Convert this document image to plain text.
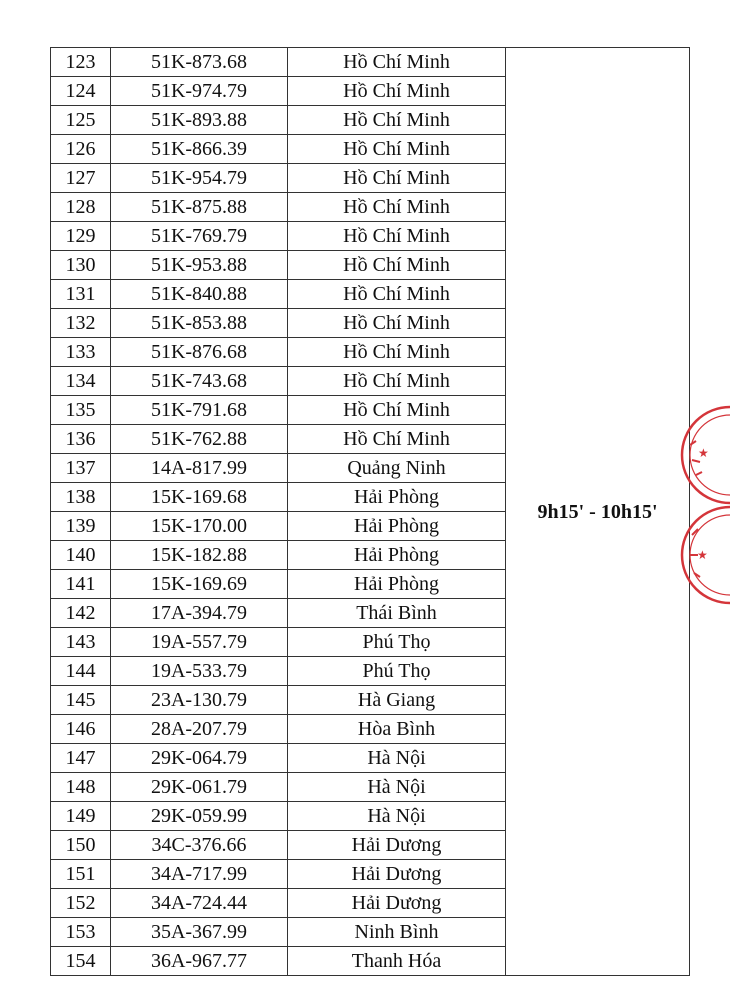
123	51K-873.68	Hồ Chí Minh	9h15' - 10h15'
124	51K-974.79	Hồ Chí Minh	
125	51K-893.88	Hồ Chí Minh	
126	51K-866.39	Hồ Chí Minh	
127	51K-954.79	Hồ Chí Minh	
128	51K-875.88	Hồ Chí Minh	
129	51K-769.79	Hồ Chí Minh	
130	51K-953.88	Hồ Chí Minh	
131	51K-840.88	Hồ Chí Minh	
132	51K-853.88	Hồ Chí Minh	
133	51K-876.68	Hồ Chí Minh	
134	51K-743.68	Hồ Chí Minh	
135	51K-791.68	Hồ Chí Minh	
136	51K-762.88	Hồ Chí Minh	
137	14A-817.99	Quảng Ninh	
138	15K-169.68	Hải Phòng	
139	15K-170.00	Hải Phòng	
140	15K-182.88	Hải Phòng	
141	15K-169.69	Hải Phòng	
142	17A-394.79	Thái Bình	
143	19A-557.79	Phú Thọ	
144	19A-533.79	Phú Thọ	
145	23A-130.79	Hà Giang	
146	28A-207.79	Hòa Bình	
147	29K-064.79	Hà Nội	
148	29K-061.79	Hà Nội	
149	29K-059.99	Hà Nội	
150	34C-376.66	Hải Dương	
151	34A-717.99	Hải Dương	
152	34A-724.44	Hải Dương	
153	35A-367.99	Ninh Bình	
154	36A-967.77	Thanh Hóa	
★
★
